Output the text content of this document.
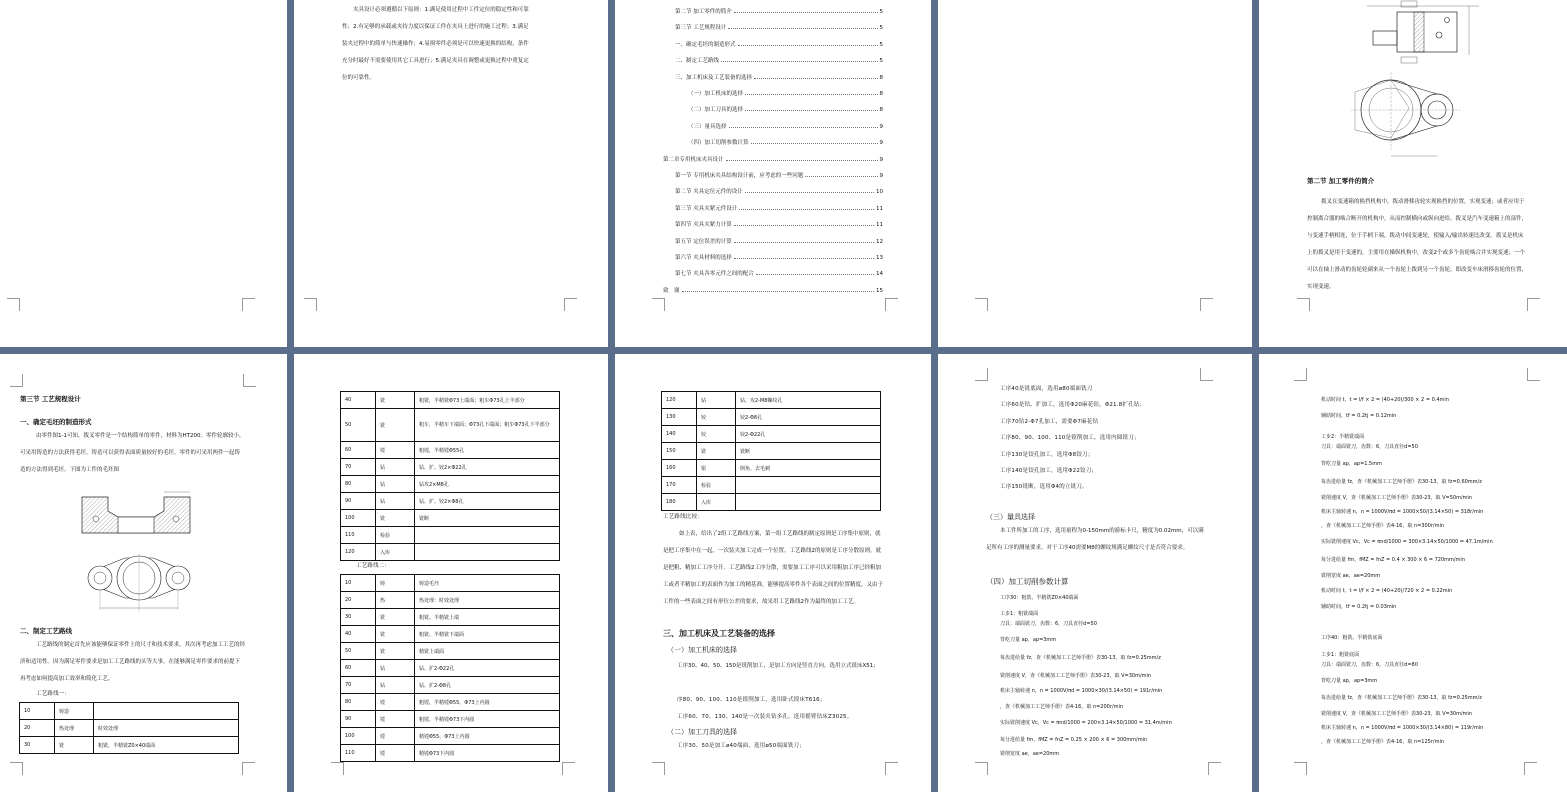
夹具设计必须遵循以下原则：1.满足使用过程中工件定位的稳定性和可靠性；2.有足够的承载或夹持力度以保证工件在夹具上进行的施工过程；3.满足装夹过程中的简单与快速操作；4.易损零件必须是可以快速更换的结构，条件充分时最好不需要使用其它工具进行；5.满足夹具在调整或更换过程中重复定位的可靠性。
第二节 加工零件的简介	5
第三节 工艺规程设计	5
一、确定毛坯的制造形式	5
二、制定工艺路线	5
三、加工机床及工艺装备的选择	8
（一）加工机床的选择	8
（二）加工刀具的选择	8
（三）量具选择	9
（四）加工切削参数计算	9
第二章专用机床夹具设计	9
第一节 专用机床夹具结构设计前，应考虑的一些问题	9
第二节 夹具定位元件的设计	10
第三节 夹具夹紧元件设计	11
第四节 夹具夹紧力计算	11
第五节 定位误差的计算	12
第六节 夹具材料的选择	13
第七节 夹具各零元件之间的配合	14
致　谢	15
第二节 加工零件的简介
拨叉在变速箱的换挡机构中，拨动滑移齿轮实现换挡的位置，实现变速；或者应用于控制离合器的啮合断开的机构中，从而控制横向或纵向进给。拨叉是汽车变速箱上的部件，与变速手柄相连，位于手柄下端，拨动中间变速轮，使输入/输出转速比改变。拨叉是机床上的拨叉是用于变速的，主要用在操纵机构中，改变2个或多个齿轮啮合并实现变速；一个可以在轴上滑动的齿轮轮副来从一个齿轮上拨到另一个齿轮，即改变车床滑移齿轮的位置，实现变速。
第三节 工艺规程设计
一、确定毛坯的制造形式
由零件图1-1可知，拨叉零件是一个结构简单的零件，材料为HT200。零件轮廓较小，可采用铸造的方法获得毛坯。铸造可以获得表面质量较好的毛坯。零件的可采用两件一起铸造的方法得到毛坯。下图为工件的毛坯图
二、制定工艺路线
工艺路线的制定首先应该能够保证零件上的尺寸和技术要求，其次再考虑加工工艺的经济和适用性。因为满足零件要求是加工工艺路线的头等大事，在能够满足零件要求的前提下再考虑如何提高加工效率和简化工艺。
工艺路线一：
10	铸造	
20	热处理	时效处理
30	铣	粗铣，半精铣Z0×40端面
40	铣	粗铣，半精铣Φ73上端面；粗车Φ73孔上半部分
50	铣	粗车，半精车下端面；Φ73孔下端面；粗车Φ73孔下半部分
60	镗	粗镗，半精镗Φ55孔
70	钻	钻、扩、铰2×Φ22孔
80	钻	钻攻2×M8孔
90	钻	钻、扩、铰2×Φ8孔
100	铣	铣断
110	检验	
120	入库	
工艺路线二：
10	铸	铸造毛坯
20	热	热处理：时效处理
30	铣	粗铣、半精铣上端
40	铣	粗铣、半精铣下端面
50	铣	精铣上端面
60	钻	钻、扩2-Φ22孔
70	钻	钻、扩2-Φ8孔
80	镗	粗镗、半精镗Φ55、Φ73上内圆
90	镗	粗镗、半精镗Φ73下内圆
100	镗	精镗Φ55、Φ73上内圆
110	镗	精镗Φ73下内圆
120	钻	钻、攻2-M8螺纹孔
130	铰	铰2-Φ8孔
140	铰	铰2-Φ22孔
150	铣	铣断
160	钳	倒角、去毛刺
170	检验	
180	入库	
工艺路线比较:
如上表，给出了2组工艺路线方案，第一组工艺路线的制定原则是工序集中原则，就是把工序集中在一起，一次装夹加工完成一个位置。工艺路线2的原则是工序分散原则，就是把粗、精加工工序分开。工艺路线2工序分散，需要加工工序可以采用粗加工序已经粗加工或者半精加工的表面作为加工的精基准，能够提高零件各个表面之间的位置精度，又由于工件的一些表面之间有形位公差的要求，故采用工艺路线2作为最终的加工工艺。
三、加工机床及工艺装备的选择
（一）加工机床的选择
工序30、40、50、150是铣削加工，是加工方向是竖直方向，选用立式铣床X51；
序80、90、100、110是镗削加工，选用卧式镗床T616；
工序60、70、130、140是一次装夹钻多孔，选用摇臂钻床Z3025。
（二）加工刀具的选择
工序30、50是加工ø40端面，选用ø50端面铣刀；
工序40是铣底面，选用ø80端面铣刀
工序60是钻、扩加工，选用Φ20麻花钻，Φ21.8扩孔钻；
工序70钻2-Φ7孔加工，需要Φ7麻花钻
工序80、90、100、110是镗削加工，选用内圆镗刀；
工序130是铰孔加工，选用Φ8铰刀；
工序140是铰孔加工，选用Φ22铰刀；
工序150铣断，选用Φ4的立铣刀。
（三）量具选择
本工件所加工的工序，选用量程为0-150mm的游标卡尺，精度为0.02mm，可以满足所有工序的测量要求。对于工序40需要M8的螺纹规满足螺纹尺寸是否符合要求。
（四）加工切削参数计算
工序30：粗铣、半精铣Z0×40端面
工步1：粗铣端面
刀具：端面铣刀，齿数：6，刀具直径d=50
背吃刀量 ap，ap=3mm
每齿进给量 fz，查《机械加工工艺师手册》表30-13，取 fz=0.25mm/z
铣削速度 V，查《机械加工工艺师手册》表30-23，取 V=30m/min
机床主轴转速 n，n = 1000V/πd = 1000×30/(3.14×50) = 191r/min
，查《机械加工工艺师手册》表4-16，取 n=200r/min
实际铣削速度 Vc，Vc = πnd/1000 = 200×3.14×50/1000 = 31.4m/min
每分进给量 fm，fMZ = fnZ = 0.25 × 200 × 6 = 300mm/min
铣削宽度 ae，ae=20mm
机动时间 t，t = l/f × 2 = (40+20)/300 × 2 = 0.4min
辅助时间，tf = 0.2tj = 0.12min
工步2：半精铣端面
刀具：端面铣刀，齿数：6，刀具直径d=50
背吃刀量 ap，ap=1.5mm
每齿进给量 fz，查《机械加工工艺师手册》表30-13，取 fz=0.60mm/z
铣削速度 V，查《机械加工工艺师手册》表30-23，取 V=50m/min
机床主轴转速 n，n = 1000V/πd = 1000×50/(3.14×50) = 318r/min
，查《机械加工工艺师手册》表4-16，取 n=300r/min
实际铣削速度 Vc，Vc = πnd/1000 = 300×3.14×50/1000 = 47.1m/min
每分进给量 fm，fMZ = fnZ = 0.4 × 300 × 6 = 720mm/min
铣削宽度 ae，ae=20mm
机动时间 t，t = l/f × 2 = (40+20)/720 × 2 = 0.22min
辅助时间，tf = 0.2tj = 0.03min
工序40：粗铣、半精铣底面
工步1：粗铣底面
刀具：端面铣刀，齿数：6，刀具直径d=80
背吃刀量 ap，ap=3mm
每齿进给量 fz，查《机械加工工艺师手册》表30-13，取 fz=0.25mm/z
铣削速度 V，查《机械加工工艺师手册》表30-23，取 V=30m/min
机床主轴转速 n，n = 1000V/πd = 1000×30/(3.14×80) = 119r/min
，查《机械加工工艺师手册》表4-16，取 n=125r/min
